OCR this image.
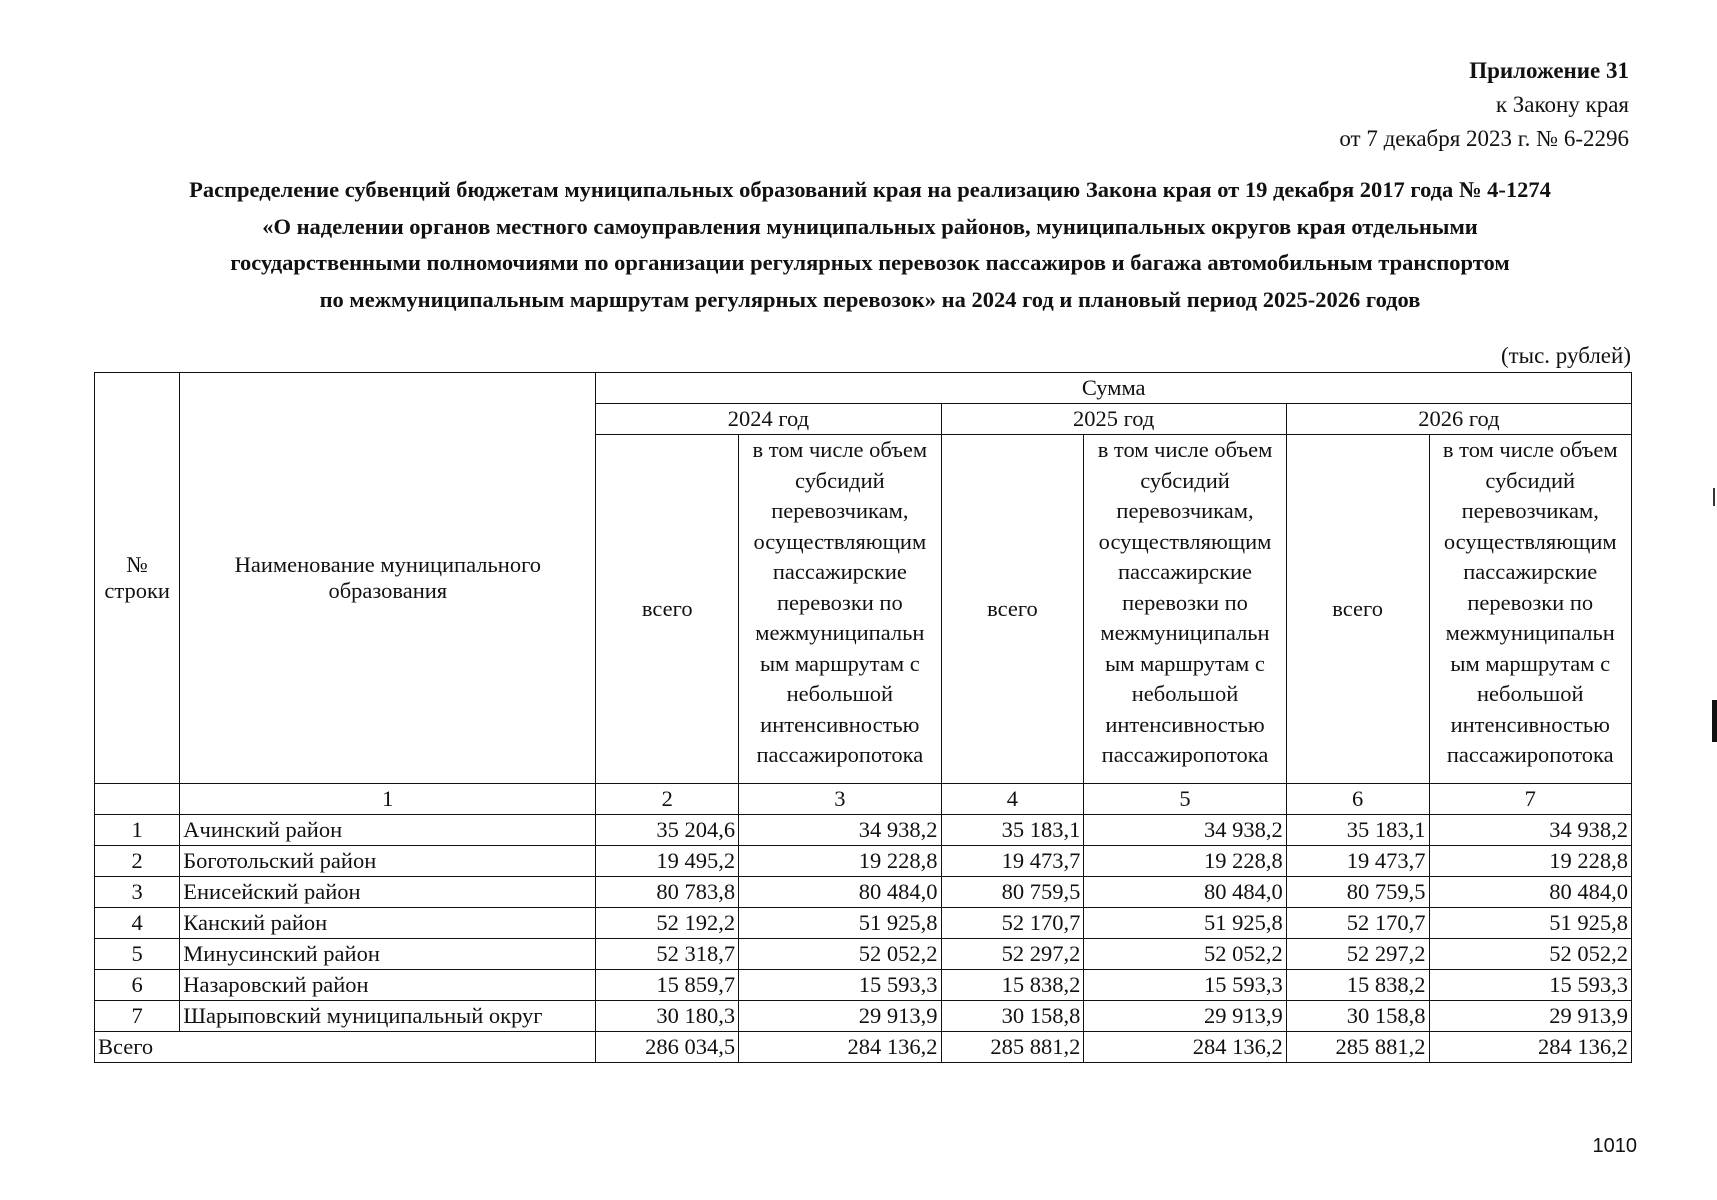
Приложение 31
к Закону края
от 7 декабря 2023 г. № 6-2296
Распределение субвенций бюджетам муниципальных образований края на реализацию Закона края от 19 декабря 2017 года № 4-1274
«О наделении органов местного самоуправления муниципальных районов, муниципальных округов края отдельными
государственными полномочиями по организации регулярных перевозок пассажиров и багажа автомобильным транспортом
по межмуниципальным маршрутам регулярных перевозок» на 2024 год и плановый период 2025-2026 годов
(тыс. рублей)
№ строки	Наименование муниципального образования	Сумма					
		2024 год		2025 год		2026 год	
		всего	в том числе объем субсидий перевозчикам, осуществляющим пассажирские перевозки по межмуниципальн ым маршрутам с небольшой интенсивностью пассажиропотока	всего	в том числе объем субсидий перевозчикам, осуществляющим пассажирские перевозки по межмуниципальн ым маршрутам с небольшой интенсивностью пассажиропотока	всего	в том числе объем субсидий перевозчикам, осуществляющим пассажирские перевозки по межмуниципальн ым маршрутам с небольшой интенсивностью пассажиропотока
	1	2	3	4	5	6	7
1	Ачинский район	35 204,6	34 938,2	35 183,1	34 938,2	35 183,1	34 938,2
2	Боготольский район	19 495,2	19 228,8	19 473,7	19 228,8	19 473,7	19 228,8
3	Енисейский район	80 783,8	80 484,0	80 759,5	80 484,0	80 759,5	80 484,0
4	Канский район	52 192,2	51 925,8	52 170,7	51 925,8	52 170,7	51 925,8
5	Минусинский район	52 318,7	52 052,2	52 297,2	52 052,2	52 297,2	52 052,2
6	Назаровский район	15 859,7	15 593,3	15 838,2	15 593,3	15 838,2	15 593,3
7	Шарыповский муниципальный округ	30 180,3	29 913,9	30 158,8	29 913,9	30 158,8	29 913,9
Всего		286 034,5	284 136,2	285 881,2	284 136,2	285 881,2	284 136,2
1010
